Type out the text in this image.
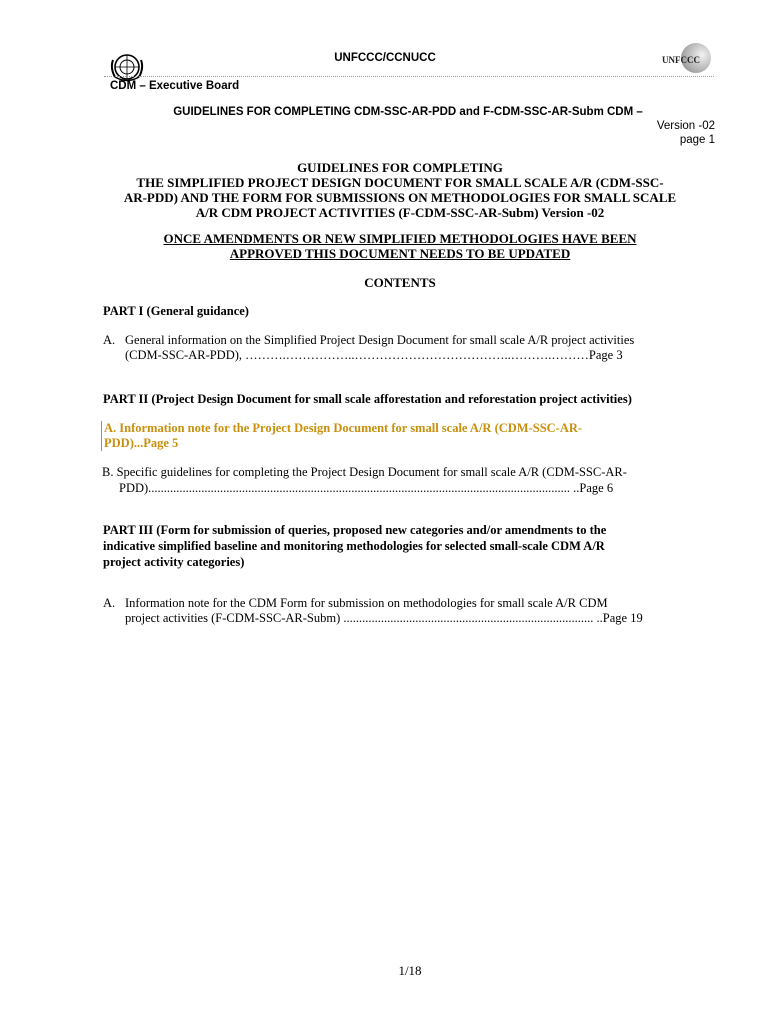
UNFCCC/CCNUCC	UNFCCC
CDM – Executive Board
GUIDELINES FOR COMPLETING CDM-SSC-AR-PDD and F-CDM-SSC-AR-Subm CDM –
Version -02
page 1
GUIDELINES FOR COMPLETING
THE SIMPLIFIED PROJECT DESIGN DOCUMENT FOR SMALL SCALE A/R (CDM-SSC-
AR-PDD) AND THE FORM FOR SUBMISSIONS ON METHODOLOGIES FOR SMALL SCALE
A/R CDM PROJECT ACTIVITIES (F-CDM-SSC-AR-Subm) Version -02
ONCE AMENDMENTS OR NEW SIMPLIFIED METHODOLOGIES HAVE BEEN
APPROVED THIS DOCUMENT NEEDS TO BE UPDATED
CONTENTS
PART I (General guidance)
A. General information on the Simplified Project Design Document for small scale A/R project activities
(CDM-SSC-AR-PDD), ……….……………..………………………………..……….………Page 3
PART II (Project Design Document for small scale afforestation and reforestation project activities)
A. Information note for the Project Design Document for small scale A/R (CDM-SSC-AR-
PDD)...Page 5
B. Specific guidelines for completing the Project Design Document for small scale A/R (CDM-SSC-AR-
PDD)....................................................................................................................................... ..Page 6
PART III (Form for submission of queries, proposed new categories and/or amendments to the
indicative simplified baseline and monitoring methodologies for selected small-scale CDM A/R
project activity categories)
A. Information note for the CDM Form for submission on methodologies for small scale A/R CDM
project activities (F-CDM-SSC-AR-Subm) ................................................................................ ..Page 19
1/18
